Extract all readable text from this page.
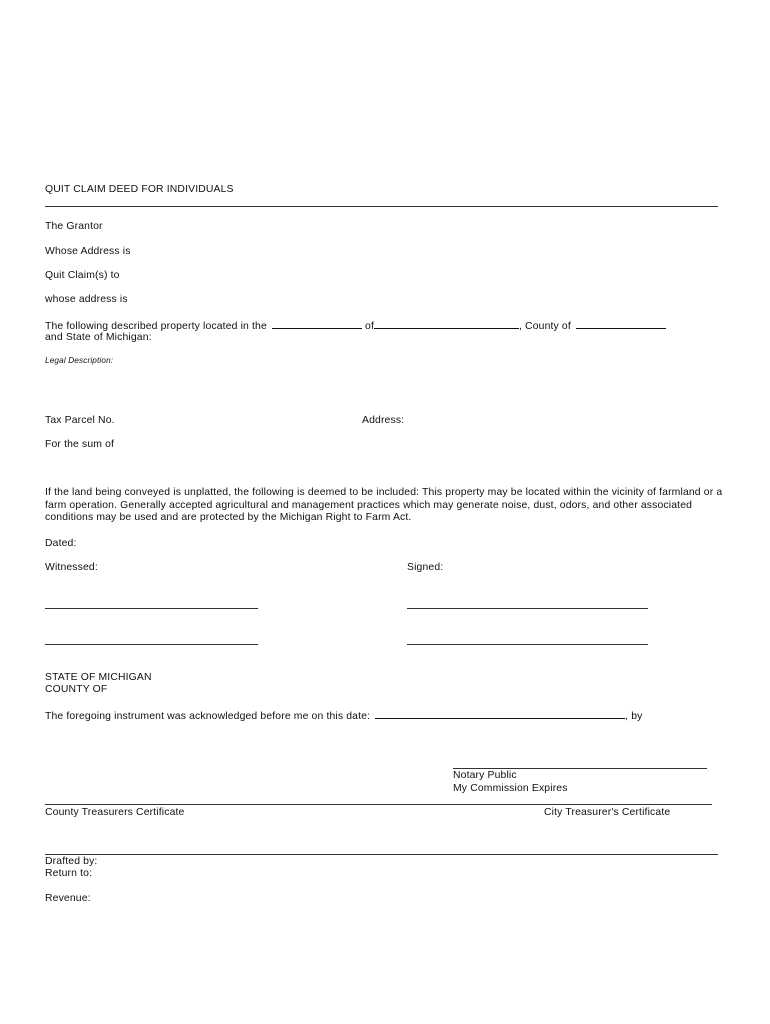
QUIT CLAIM DEED FOR INDIVIDUALS
The Grantor
Whose Address is
Quit Claim(s) to
whose address is
The following described property located in the	of	, County of
and State of Michigan:
Legal Description:
Tax Parcel No.	Address:
For the sum of
If the land being conveyed is unplatted, the following is deemed to be included: This property may be located within the vicinity of farmland or a farm operation. Generally accepted agricultural and management practices which may generate noise, dust, odors, and other associated conditions may be used and are protected by the Michigan Right to Farm Act.
Dated:
Witnessed:	Signed:
STATE OF MICHIGAN
COUNTY OF
The foregoing instrument was acknowledged before me on this date:	, by
Notary Public
My Commission Expires
County Treasurers Certificate	City Treasurer's Certificate
Drafted by:
Return to:
Revenue:
